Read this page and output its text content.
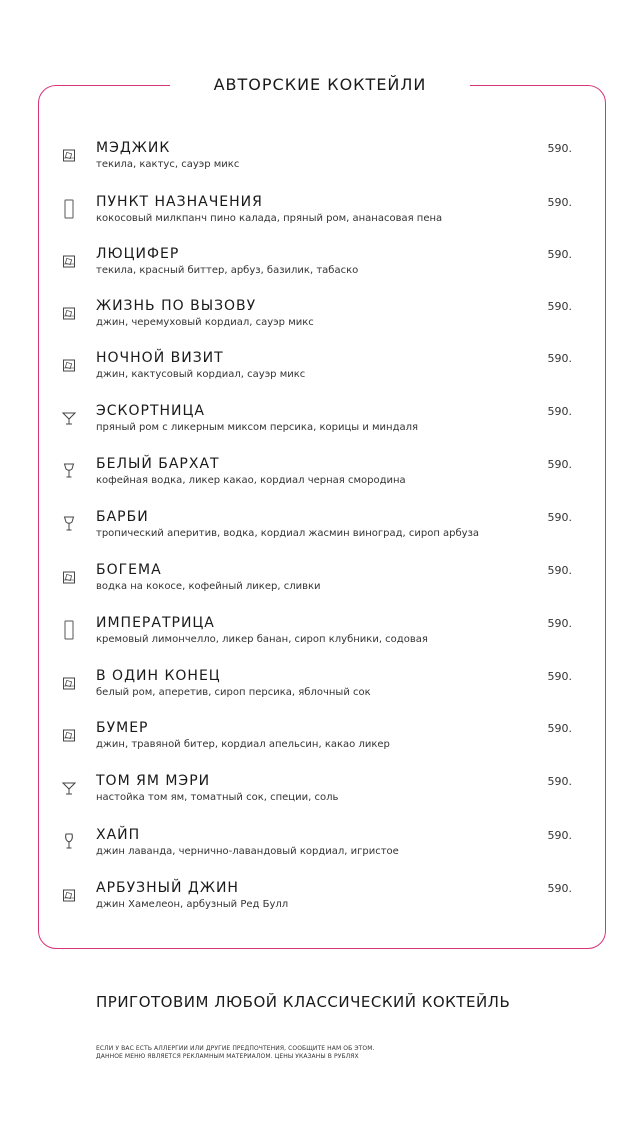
АВТОРСКИЕ КОКТЕЙЛИ
МЭДЖИК
текила, кактус, сауэр микс
590.
ПУНКТ НАЗНАЧЕНИЯ
кокосовый милкпанч пино калада, пряный ром, ананасовая пена
590.
ЛЮЦИФЕР
текила, красный биттер, арбуз, базилик, табаско
590.
ЖИЗНЬ ПО ВЫЗОВУ
джин, черемуховый кордиал, сауэр микс
590.
НОЧНОЙ ВИЗИТ
джин, кактусовый кордиал, сауэр микс
590.
ЭСКОРТНИЦА
пряный ром с ликерным миксом персика, корицы и миндаля
590.
БЕЛЫЙ БАРХАТ
кофейная водка, ликер какао, кордиал черная смородина
590.
БАРБИ
тропический аперитив, водка, кордиал жасмин виноград, сироп арбуза
590.
БОГЕМА
водка на кокосе, кофейный ликер, сливки
590.
ИМПЕРАТРИЦА
кремовый лимончелло, ликер банан, сироп клубники, содовая
590.
В ОДИН КОНЕЦ
белый ром, аперетив, сироп персика, яблочный сок
590.
БУМЕР
джин, травяной битер, кордиал апельсин, какао ликер
590.
ТОМ ЯМ МЭРИ
настойка том ям, томатный сок, специи, соль
590.
ХАЙП
джин лаванда, чернично-лавандовый кордиал, игристое
590.
АРБУЗНЫЙ ДЖИН
джин Хамелеон, арбузный Ред Булл
590.
ПРИГОТОВИМ ЛЮБОЙ КЛАССИЧЕСКИЙ КОКТЕЙЛЬ
ЕСЛИ У ВАС ЕСТЬ АЛЛЕРГИИ ИЛИ ДРУГИЕ ПРЕДПОЧТЕНИЯ, СООБЩИТЕ НАМ ОБ ЭТОМ.
ДАННОЕ МЕНЮ ЯВЛЯЕТСЯ РЕКЛАМНЫМ МАТЕРИАЛОМ. ЦЕНЫ УКАЗАНЫ В РУБЛЯХ
